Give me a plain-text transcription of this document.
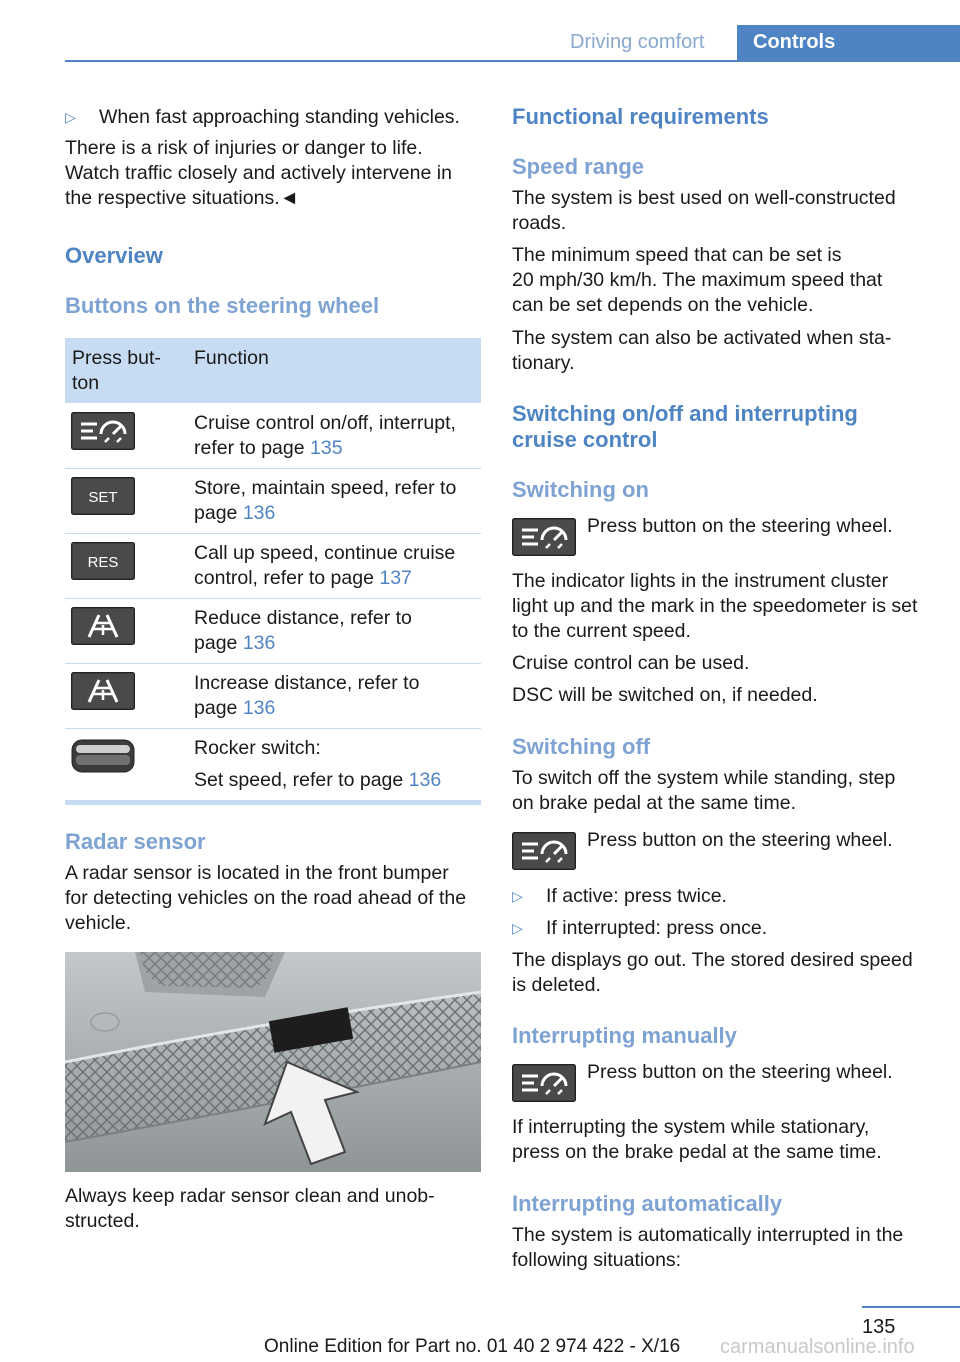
Driving comfort Controls
▷ When fast approaching standing vehicles.
There is a risk of injuries or danger to life.
Watch traffic closely and actively intervene in
the respective situations.◄
Overview
Buttons on the steering wheel
Press but-
ton
Function
Cruise control on/off, interrupt,
refer to page 135
SET	Store, maintain speed, refer to
page 136
RES	Call up speed, continue cruise
control, refer to page 137
Reduce distance, refer to
page 136
Increase distance, refer to
page 136
Rocker switch:
Set speed, refer to page 136
Radar sensor
A radar sensor is located in the front bumper
for detecting vehicles on the road ahead of the
vehicle.
Always keep radar sensor clean and unob-
structed.
Functional requirements
Speed range
The system is best used on well-constructed
roads.
The minimum speed that can be set is
20 mph/30 km/h. The maximum speed that
can be set depends on the vehicle.
The system can also be activated when sta-
tionary.
Switching on/off and interrupting
cruise control
Switching on
Press button on the steering wheel.
The indicator lights in the instrument cluster
light up and the mark in the speedometer is set
to the current speed.
Cruise control can be used.
DSC will be switched on, if needed.
Switching off
To switch off the system while standing, step
on brake pedal at the same time.
Press button on the steering wheel.
▷ If active: press twice.
▷ If interrupted: press once.
The displays go out. The stored desired speed
is deleted.
Interrupting manually
Press button on the steering wheel.
If interrupting the system while stationary,
press on the brake pedal at the same time.
Interrupting automatically
The system is automatically interrupted in the
following situations:
135
carmanualsonline.info
Online Edition for Part no. 01 40 2 974 422 - X/16
